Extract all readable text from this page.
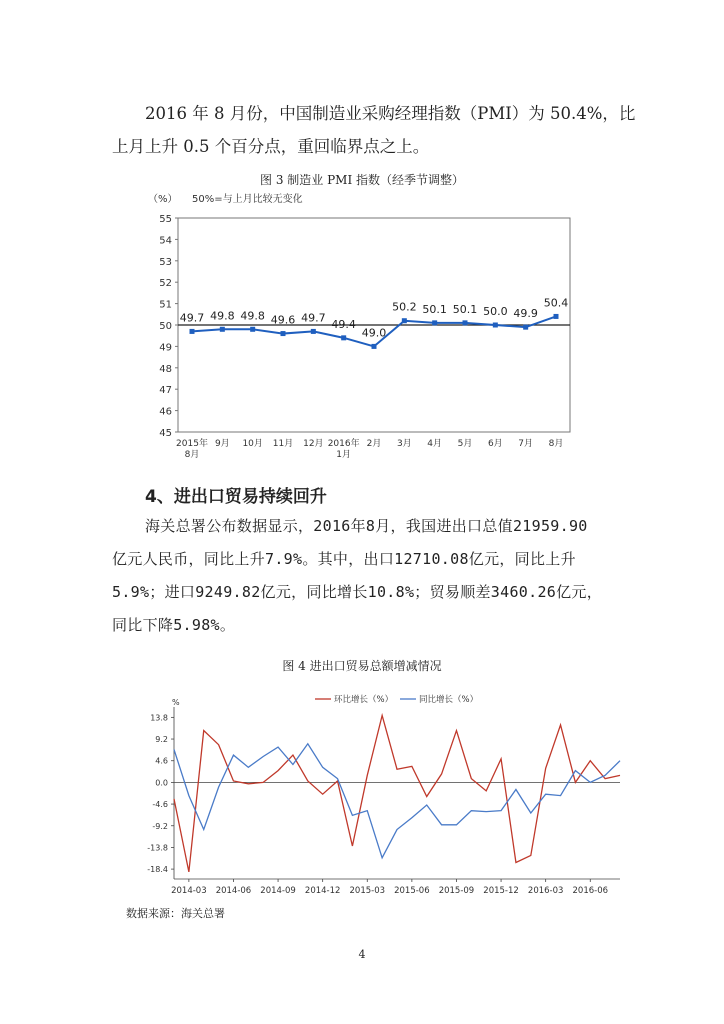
2016 年 8 月份，中国制造业采购经理指数（PMI）为 50.4%，比
上月上升 0.5 个百分点，重回临界点之上。

图 3 制造业 PMI 指数（经季节调整）

（%） 50%=与上月比较无变化
45
46
47
48
49
50
51
52
53
54
55
2015年 8月
9月 10月 11月 12月 2016年 1月
2月 3月 4月 5月 6月 7月 8月
49.7 49.8 49.8 49.6 49.7 49.4
49.0
50.2 50.1 50.1 50.0 49.9
50.4

4、进出口贸易持续回升

海关总署公布数据显示，2016年8月，我国进出口总值21959.90
亿元人民币，同比上升7.9%。其中，出口12710.08亿元，同比上升
5.9%；进口9249.82亿元，同比增长10.8%；贸易顺差3460.26亿元，
同比下降5.98%。

图 4 进出口贸易总额增减情况

%	环比增长（%）	同比增长（%）
13.8
9.2
4.6
0.0
-4.6
-9.2
-13.8
-18.4
2014-03 2014-06 2014-09 2014-12 2015-03 2015-06 2015-09 2015-12 2016-03 2016-06
数据来源：海关总署
4
